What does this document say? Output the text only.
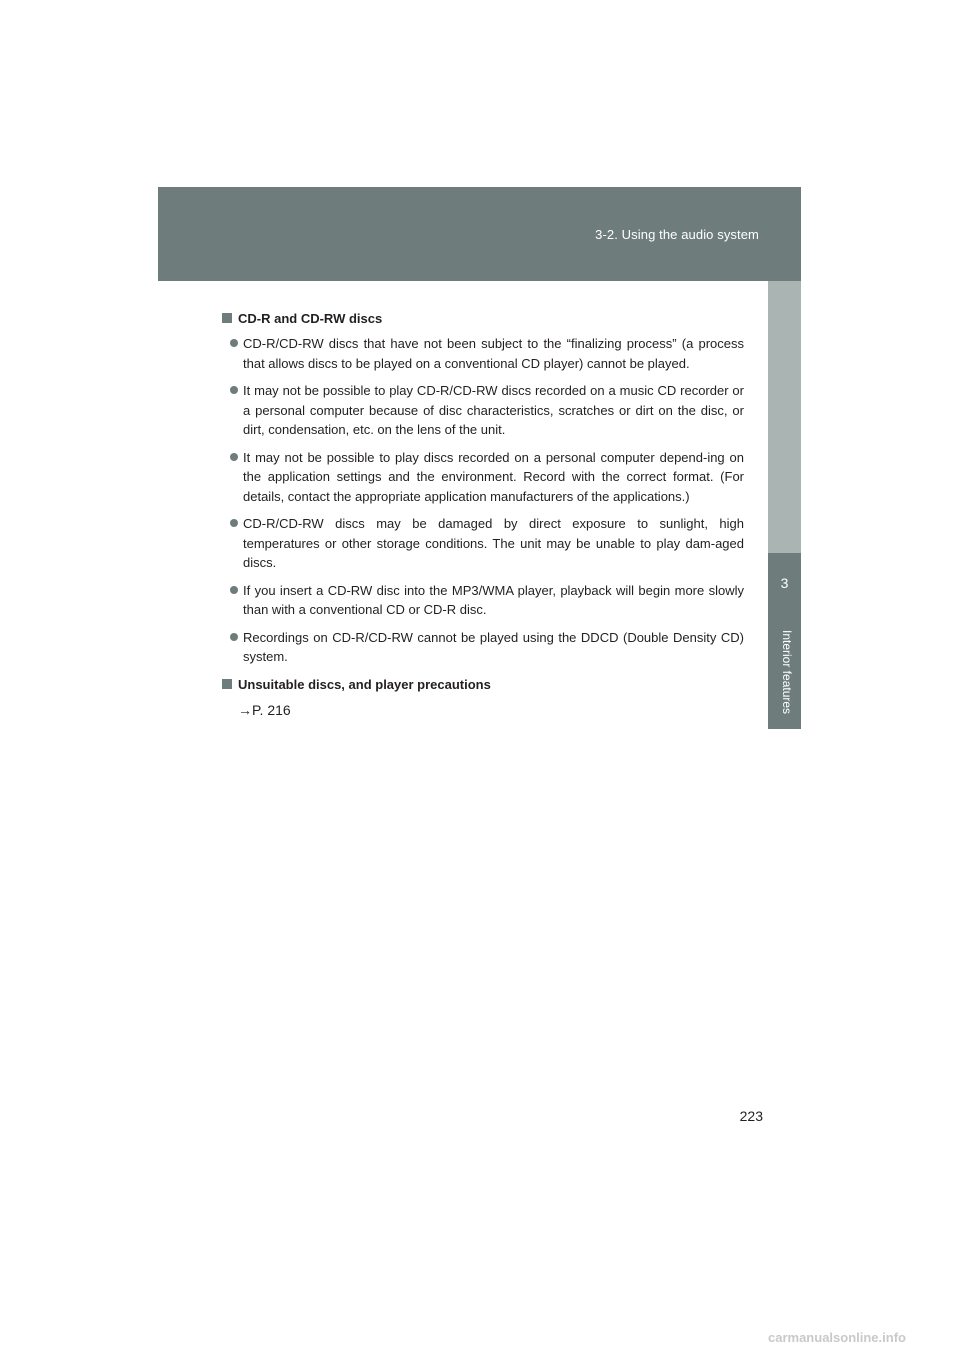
3-2. Using the audio system
3
CD-R and CD-RW discs
CD-R/CD-RW discs that have not been subject to the “finalizing process” (a process that allows discs to be played on a conventional CD player) cannot be played.
It may not be possible to play CD-R/CD-RW discs recorded on a music CD recorder or a personal computer because of disc characteristics, scratches or dirt on the disc, or dirt, condensation, etc. on the lens of the unit.
It may not be possible to play discs recorded on a personal computer depend-ing on the application settings and the environment. Record with the correct format. (For details, contact the appropriate application manufacturers of the applications.)
CD-R/CD-RW discs may be damaged by direct exposure to sunlight, high temperatures or other storage conditions. The unit may be unable to play dam-aged discs.
If you insert a CD-RW disc into the MP3/WMA player, playback will begin more slowly than with a conventional CD or CD-R disc.
Recordings on CD-R/CD-RW cannot be played using the DDCD (Double Density CD) system.
Unsuitable discs, and player precautions
→P. 216
223
carmanualsonline.info
